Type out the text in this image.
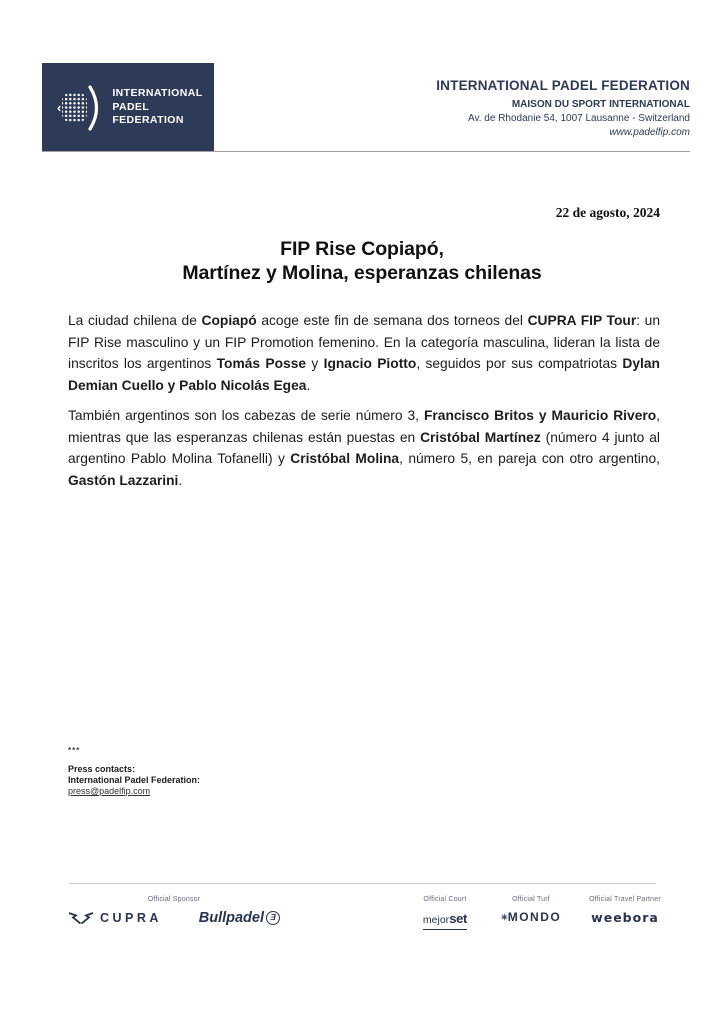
‹
INTERNATIONAL
PADEL
FEDERATION
INTERNATIONAL PADEL FEDERATION
MAISON DU SPORT INTERNATIONAL
Av. de Rhodanie 54, 1007 Lausanne - Switzerland
www.padelfip.com
22 de agosto, 2024
FIP Rise Copiapó,
Martínez y Molina, esperanzas chilenas

La ciudad chilena de Copiapó acoge este fin de semana dos torneos del CUPRA FIP Tour: un FIP Rise masculino y un FIP Promotion femenino. En la categoría masculina, lideran la lista de inscritos los argentinos Tomás Posse y Ignacio Piotto, seguidos por sus compatriotas Dylan Demian Cuello y Pablo Nicolás Egea.

También argentinos son los cabezas de serie número 3, Francisco Britos y Mauricio Rivero, mientras que las esperanzas chilenas están puestas en Cristóbal Martínez (número 4 junto al argentino Pablo Molina Tofanelli) y Cristóbal Molina, número 5, en pareja con otro argentino, Gastón Lazzarini.

***
Press contacts:
International Padel Federation:
press@padelfip.com
Official Sponsor
CUPRA	Bullpadel Ǝ
Official Court
mejorset
Official Turf
✳MONDO
Official Travel Partner
weebora
